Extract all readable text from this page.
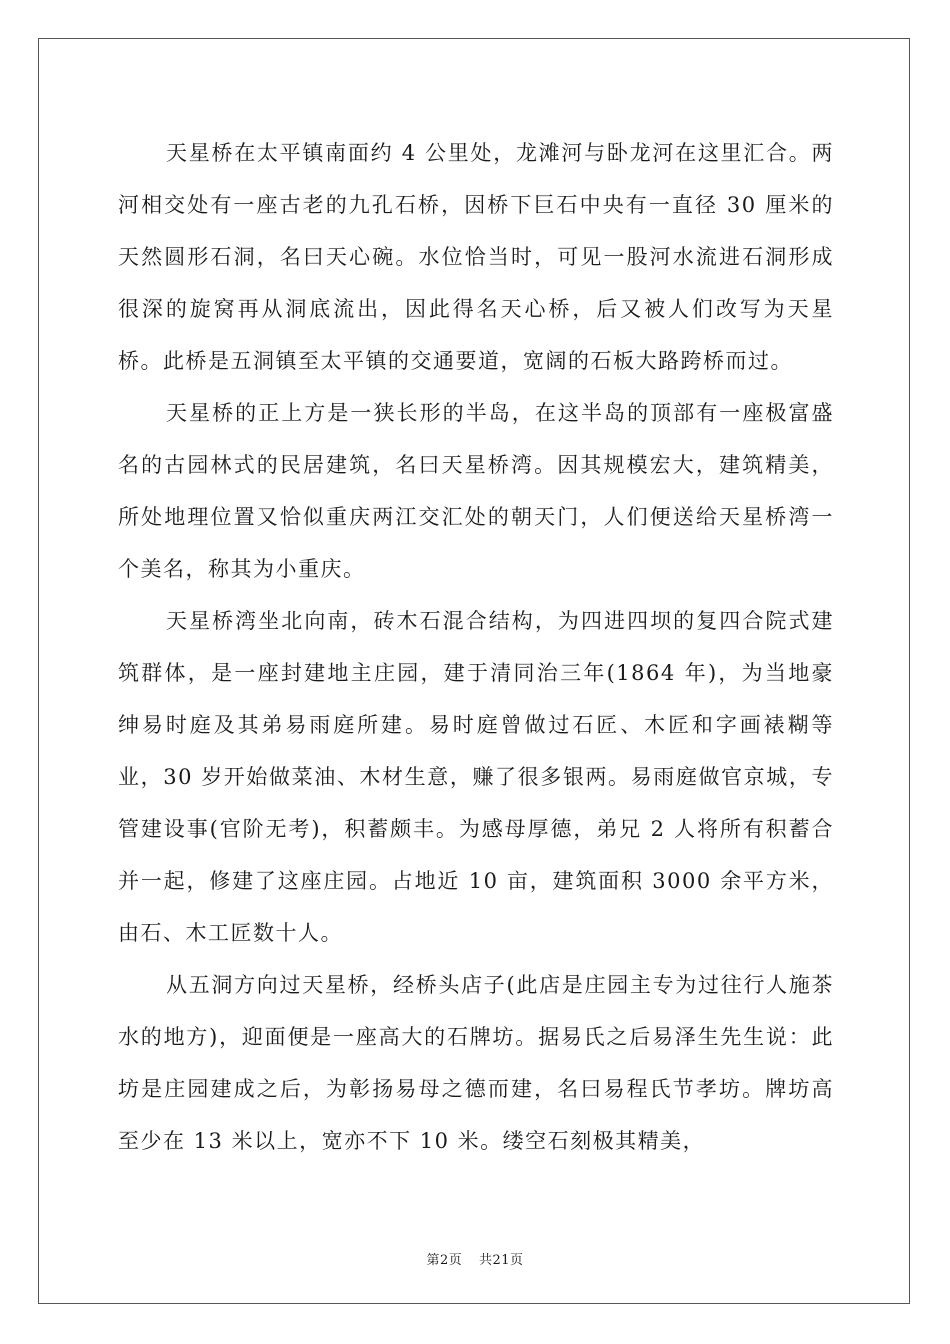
天星桥在太平镇南面约 4 公里处，龙滩河与卧龙河在这里汇合。两河相交处有一座古老的九孔石桥，因桥下巨石中央有一直径 30 厘米的天然圆形石洞，名曰天心碗。水位恰当时，可见一股河水流进石洞形成很深的旋窝再从洞底流出，因此得名天心桥，后又被人们改写为天星桥。此桥是五洞镇至太平镇的交通要道，宽阔的石板大路跨桥而过。

天星桥的正上方是一狭长形的半岛，在这半岛的顶部有一座极富盛名的古园林式的民居建筑，名曰天星桥湾。因其规模宏大，建筑精美，所处地理位置又恰似重庆两江交汇处的朝天门，人们便送给天星桥湾一个美名，称其为小重庆。

天星桥湾坐北向南，砖木石混合结构，为四进四坝的复四合院式建筑群体，是一座封建地主庄园，建于清同治三年(1864 年)，为当地豪绅易时庭及其弟易雨庭所建。易时庭曾做过石匠、木匠和字画裱糊等业，30 岁开始做菜油、木材生意，赚了很多银两。易雨庭做官京城，专管建设事(官阶无考)，积蓄颇丰。为感母厚德，弟兄 2 人将所有积蓄合并一起，修建了这座庄园。占地近 10 亩，建筑面积 3000 余平方米，由石、木工匠数十人。

从五洞方向过天星桥，经桥头店子(此店是庄园主专为过往行人施茶水的地方)，迎面便是一座高大的石牌坊。据易氏之后易泽生先生说：此坊是庄园建成之后，为彰扬易母之德而建，名曰易程氏节孝坊。牌坊高至少在 13 米以上，宽亦不下 10 米。缕空石刻极其精美，

第2页 共21页
